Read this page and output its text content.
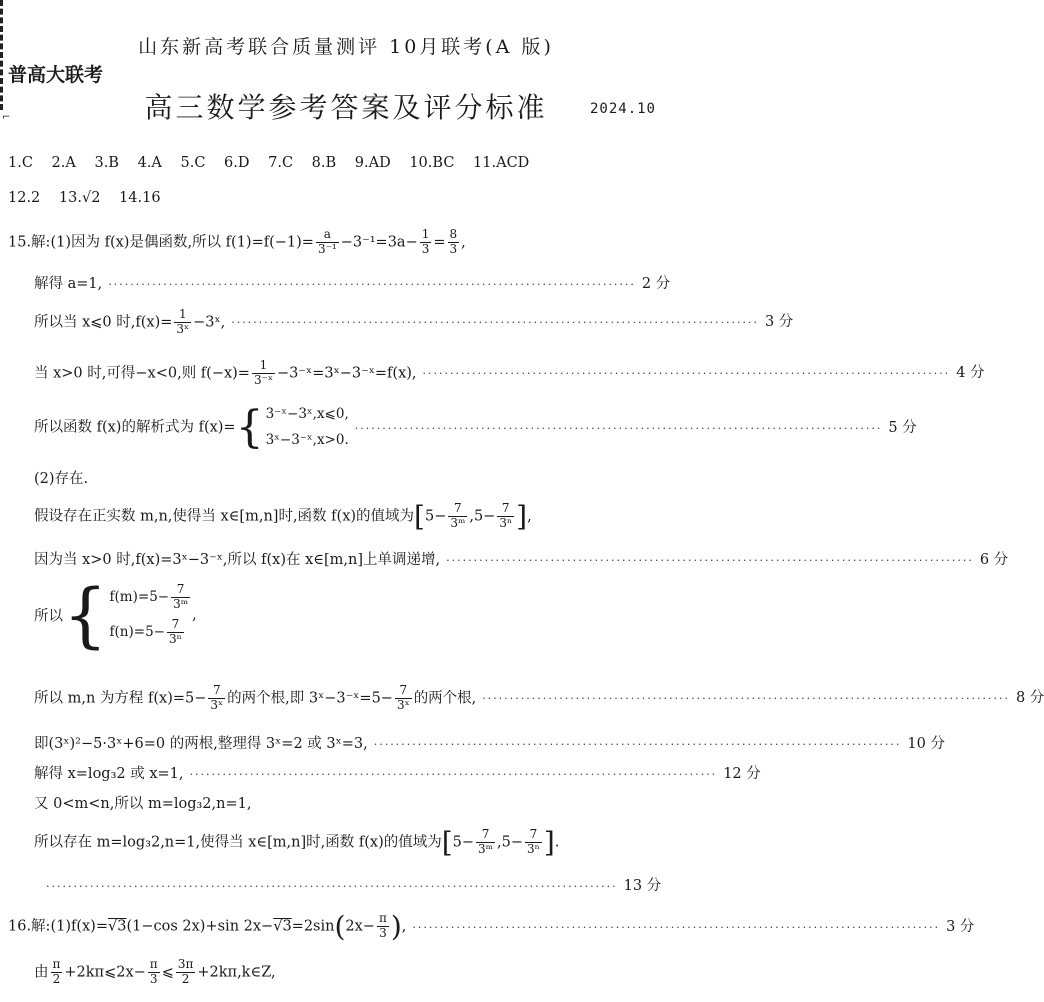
⌐
山东新高考联合质量测评 10月联考(A 版)
普高大联考
高三数学参考答案及评分标准	2024.10
1.C 2.A 3.B 4.A 5.C 6.D 7.C 8.B 9.AD 10.BC 11.ACD
12.2 13.√2 14.16
15.解:(1)因为 f(x)是偶函数,所以 $f(1)=f(-1)= \frac{a}{\text{3⁻¹}} -3^{-1}=3a- \frac{1}{3} = \frac{8}{3}$ ,
解得 a=1, ································································································ 2 分
所以当 x⩽0 时$,f(x)= \frac{1}{\text{3ˣ}}$ −3ˣ, ································································································ 3 分
当 x>0 时,可得−x<0,则 $f(-x)= \frac{1}{\text{3⁻ˣ}}$ −3⁻ˣ=3ˣ−3⁻ˣ=f(x), ································································································ 4 分
所以函数 f(x)的解析式为 f(x)={ 3⁻ˣ−3ˣ,x⩽0,
3ˣ−3⁻ˣ,x>0.
································································································ 5 分
(2)存在.
假设存在正实数 m,n,使得当 x∈[m,n]时,函数 f(x)的值域为[$5- \frac{7}{\text{3ᵐ}} ,5- \frac{7}{\text{3ⁿ}}$ ],
因为当 x>0 时,f(x)=3ˣ−3⁻ˣ,所以 f(x)在 x∈[m,n]上单调递增, ································································································ 6 分
所以{ $f(m)=5- \frac{7}{\text{3ᵐ}}$
$f(n)=5- \frac{7}{\text{3ⁿ}}$
,
所以 m,n 为方程 $f(x)=5- \frac{7}{\text{3ˣ}}$ 的两个根,即 3ˣ−3⁻ˣ=5− $\frac{7}{\text{3ˣ}}$ 的两个根, ································································································ 8 分
即(3ˣ)²−5·3ˣ+6=0 的两根,整理得 3ˣ=2 或 3ˣ=3, ································································································ 10 分
解得 x=log₃2 或 x=1, ································································································ 12 分
又 0<m<n,所以 m=log₃2,n=1,
所以存在 m=log₃2,n=1,使得当 x∈[m,n]时,函数 f(x)的值域为[$5- \frac{7}{\text{3ᵐ}} ,5- \frac{7}{\text{3ⁿ}}$ ].
········································································································ 13 分
16.解:(1)f(x)=√3(1−cos 2x)+sin $2x-√3=2\sin(2x- \frac{\pi}{3}$ ), ································································································ 3 分
由 $\frac{\pi}{2}$ +2kπ⩽2x− $\frac{\pi}{3}$ ⩽ $\frac{3\pi}{2}$ +2kπ,k∈Z,
